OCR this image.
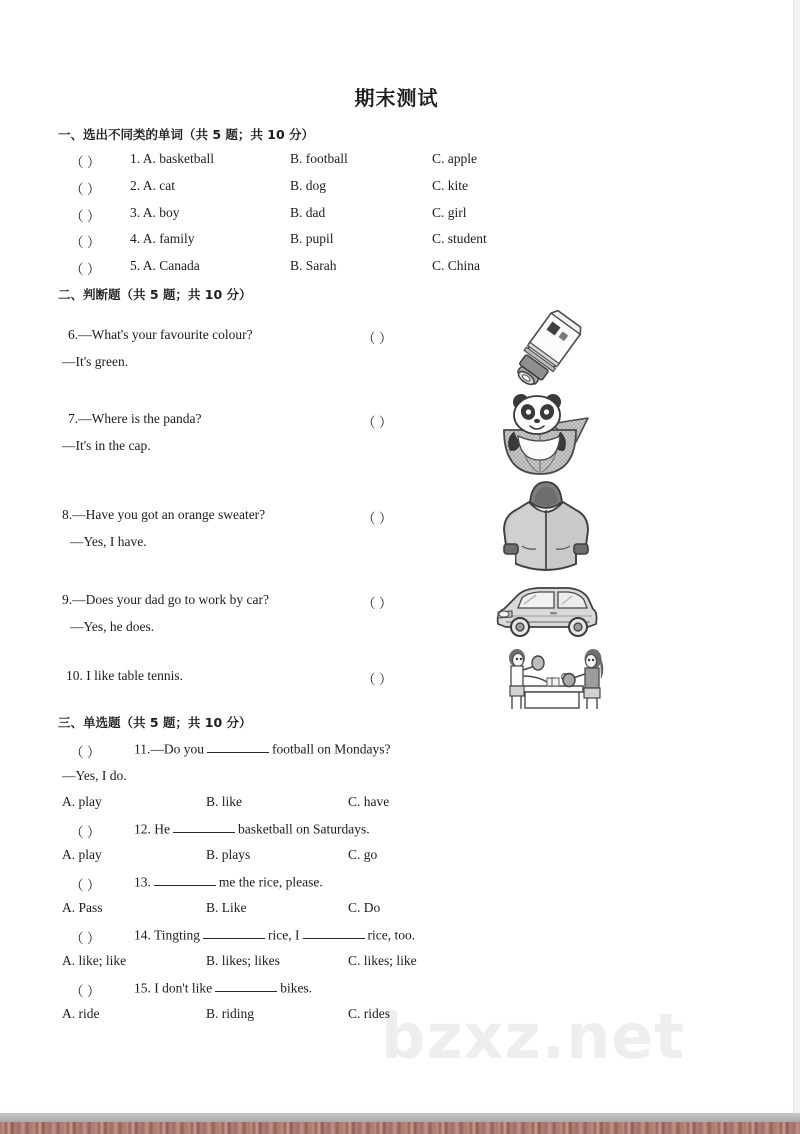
bzxz.net
期末测试
一、选出不同类的单词（共 5 题；共 10 分）
（ ） 1. A. basketball	B. football	C. apple
（ ） 2. A. cat	B. dog	C. kite
（ ） 3. A. boy	B. dad	C. girl
（ ） 4. A. family	B. pupil	C. student
（ ） 5. A. Canada	B. Sarah	C. China
二、判断题（共 5 题；共 10 分）
6.—What's your favourite colour?
—It's green.
（ ）
7.—Where is the panda?
—It's in the cap.
（ ）
8.—Have you got an orange sweater?
—Yes, I have.
（ ）
9.—Does your dad go to work by car?
—Yes, he does.
（ ）
10. I like table tennis.	（ ）
三、单选题（共 5 题；共 10 分）
（ ） 11.—Do you	football on Mondays?
—Yes, I do.
A. play	B. like	C. have
（ ） 12. He	basketball on Saturdays.
A. play	B. plays	C. go
（ ） 13.	me the rice, please.
A. Pass	B. Like	C. Do
（ ） 14. Tingting	rice, I	rice, too.
A. like; like	B. likes; likes	C. likes; like
（ ） 15. I don't like	bikes.
A. ride	B. riding	C. rides
